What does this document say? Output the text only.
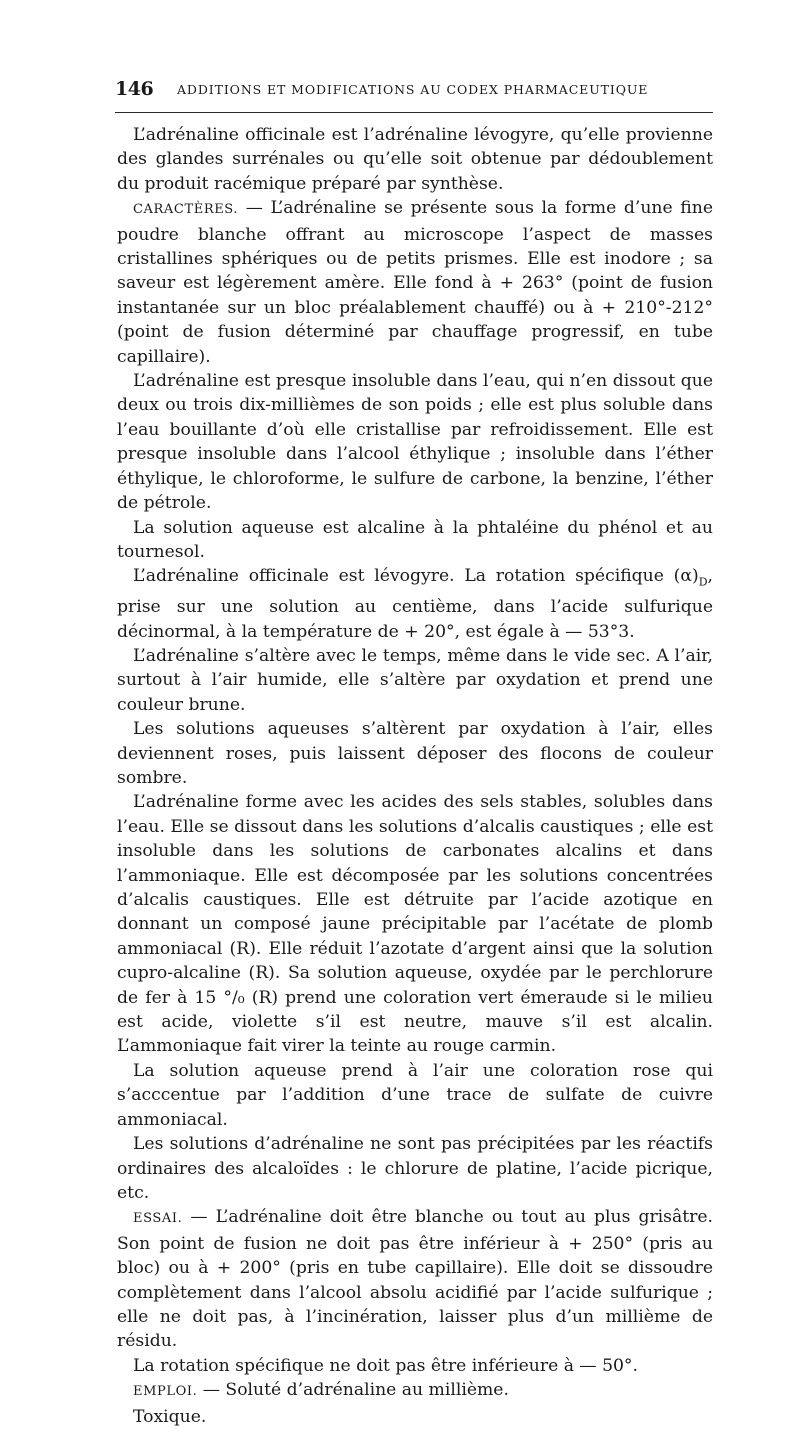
146 ADDITIONS ET MODIFICATIONS AU CODEX PHARMACEUTIQUE

L’adrénaline officinale est l’adrénaline lévogyre, qu’elle provienne des glandes surrénales ou qu’elle soit obtenue par dédoublement du produit racémique préparé par synthèse.

CARACTÈRES. — L’adrénaline se présente sous la forme d’une fine poudre blanche offrant au microscope l’aspect de masses cristallines sphériques ou de petits prismes. Elle est inodore ; sa saveur est légèrement amère. Elle fond à + 263° (point de fusion instantanée sur un bloc préalablement chauffé) ou à + 210°-212° (point de fusion déterminé par chauffage progressif, en tube capillaire).

L’adrénaline est presque insoluble dans l’eau, qui n’en dissout que deux ou trois dix-millièmes de son poids ; elle est plus soluble dans l’eau bouillante d’où elle cristallise par refroidissement. Elle est presque insoluble dans l’alcool éthylique ; insoluble dans l’éther éthylique, le chloroforme, le sulfure de carbone, la benzine, l’éther de pétrole.

La solution aqueuse est alcaline à la phtaléine du phénol et au tournesol.

L’adrénaline officinale est lévogyre. La rotation spécifique $(\alpha)_D$, prise sur une solution au centième, dans l’acide sulfurique décinormal, à la température de + 20°, est égale à — 53°3.

L’adrénaline s’altère avec le temps, même dans le vide sec. A l’air, surtout à l’air humide, elle s’altère par oxydation et prend une couleur brune.

Les solutions aqueuses s’altèrent par oxydation à l’air, elles deviennent roses, puis laissent déposer des flocons de couleur sombre.

L’adrénaline forme avec les acides des sels stables, solubles dans l’eau. Elle se dissout dans les solutions d’alcalis caustiques ; elle est insoluble dans les solutions de carbonates alcalins et dans l’ammoniaque. Elle est décomposée par les solutions concentrées d’alcalis caustiques. Elle est détruite par l’acide azotique en donnant un composé jaune précipitable par l’acétate de plomb ammoniacal (R). Elle réduit l’azotate d’argent ainsi que la solution cupro-alcaline (R). Sa solution aqueuse, oxydée par le perchlorure de fer à 15 °/₀ (R) prend une coloration vert émeraude si le milieu est acide, violette s’il est neutre, mauve s’il est alcalin. L’ammoniaque fait virer la teinte au rouge carmin.

La solution aqueuse prend à l’air une coloration rose qui s’acccentue par l’addition d’une trace de sulfate de cuivre ammoniacal.

Les solutions d’adrénaline ne sont pas précipitées par les réactifs ordinaires des alcaloïdes : le chlorure de platine, l’acide picrique, etc.

ESSAI. — L’adrénaline doit être blanche ou tout au plus grisâtre. Son point de fusion ne doit pas être inférieur à + 250° (pris au bloc) ou à + 200° (pris en tube capillaire). Elle doit se dissoudre complètement dans l’alcool absolu acidifié par l’acide sulfurique ; elle ne doit pas, à l’incinération, laisser plus d’un millième de résidu.

La rotation spécifique ne doit pas être inférieure à — 50°.

EMPLOI. — Soluté d’adrénaline au millième.

Toxique.
